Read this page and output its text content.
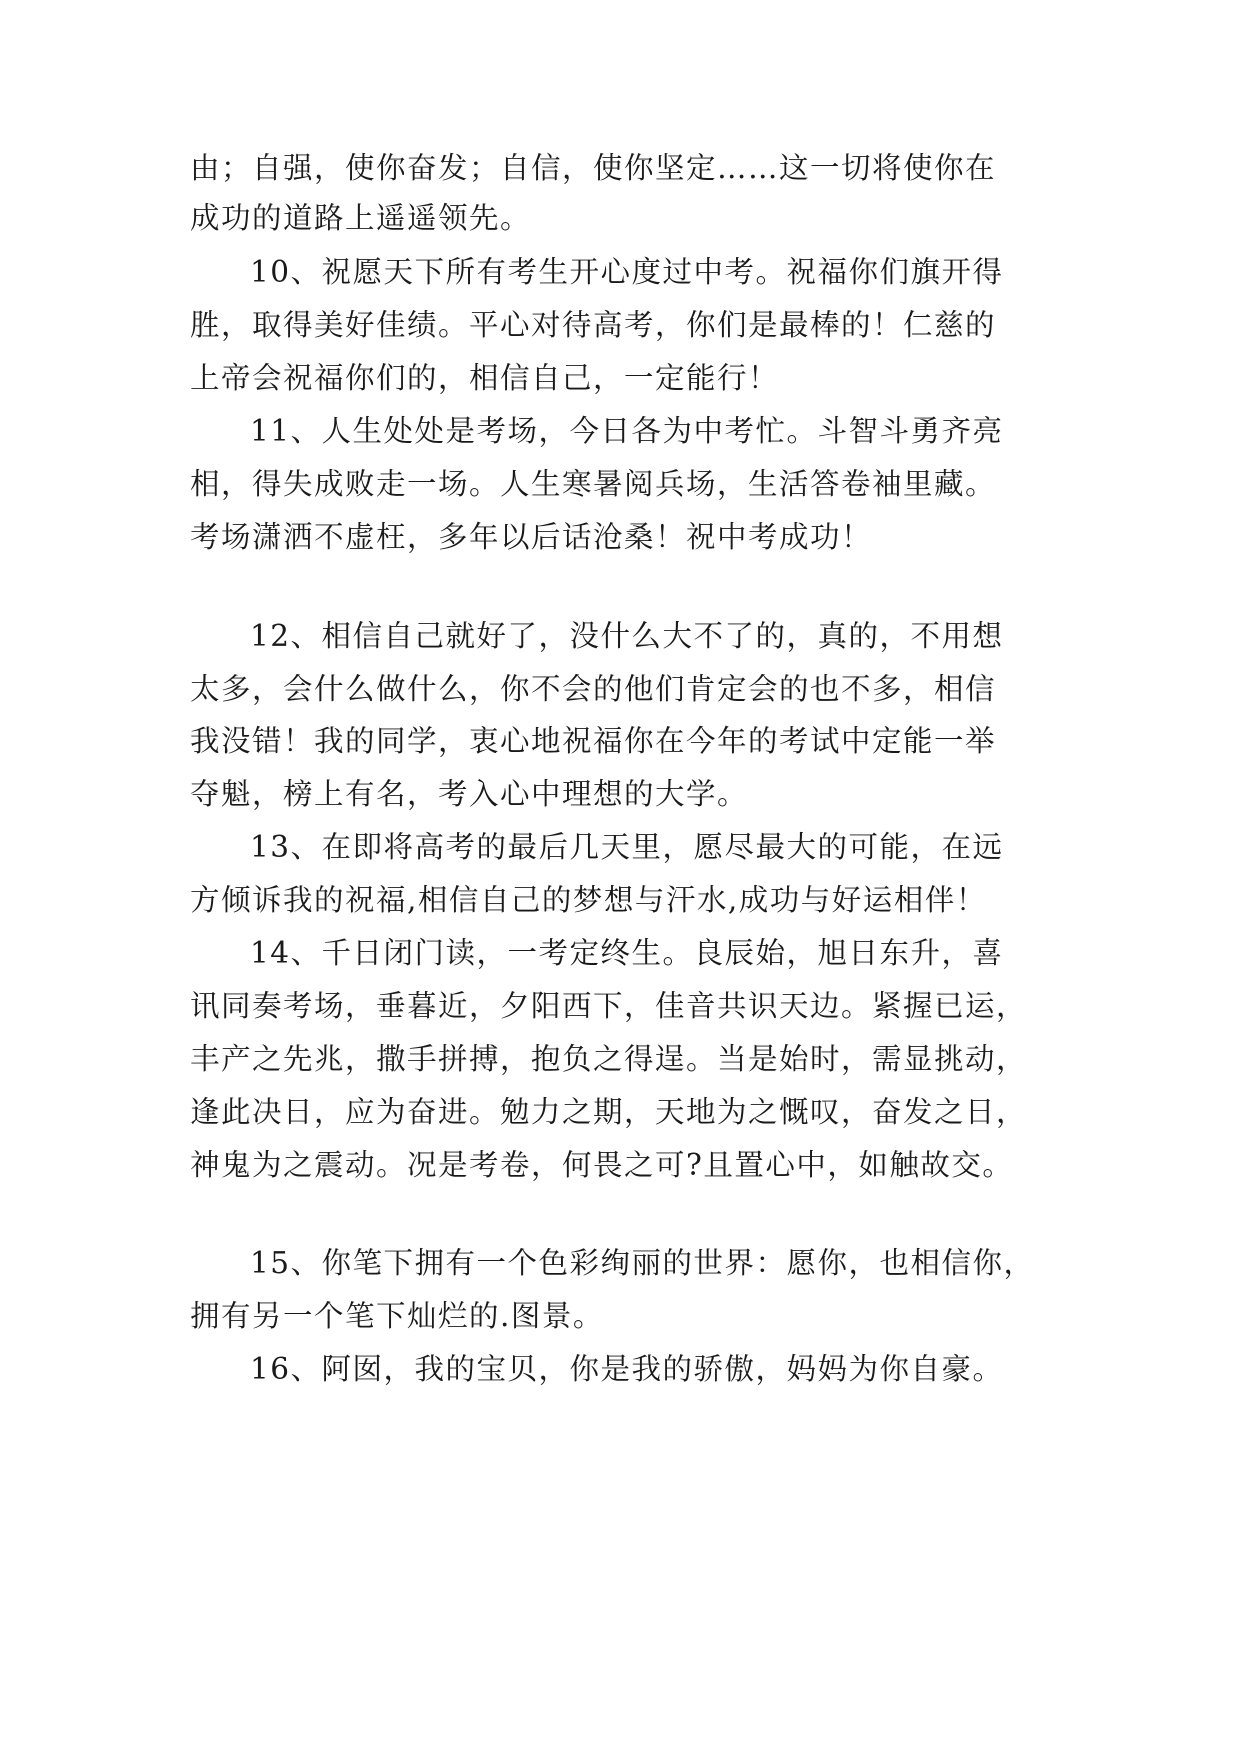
由；自强，使你奋发；自信，使你坚定……这一切将使你在
成功的道路上遥遥领先。
10、祝愿天下所有考生开心度过中考。祝福你们旗开得
胜，取得美好佳绩。平心对待高考，你们是最棒的！仁慈的
上帝会祝福你们的，相信自己，一定能行！
11、人生处处是考场，今日各为中考忙。斗智斗勇齐亮
相，得失成败走一场。人生寒暑阅兵场，生活答卷袖里藏。
考场潇洒不虚枉，多年以后话沧桑！祝中考成功！
12、相信自己就好了，没什么大不了的，真的，不用想
太多，会什么做什么，你不会的他们肯定会的也不多，相信
我没错！我的同学，衷心地祝福你在今年的考试中定能一举
夺魁，榜上有名，考入心中理想的大学。
13、在即将高考的最后几天里，愿尽最大的可能，在远
方倾诉我的祝福,相信自己的梦想与汗水,成功与好运相伴！
14、千日闭门读，一考定终生。良辰始，旭日东升，喜
讯同奏考场，垂暮近，夕阳西下，佳音共识天边。紧握已运，
丰产之先兆，撒手拼搏，抱负之得逞。当是始时，需显挑动，
逢此决日，应为奋进。勉力之期，天地为之慨叹，奋发之日，
神鬼为之震动。况是考卷，何畏之可?且置心中，如触故交。
15、你笔下拥有一个色彩绚丽的世界：愿你，也相信你，
拥有另一个笔下灿烂的.图景。
16、阿囡，我的宝贝，你是我的骄傲，妈妈为你自豪。
